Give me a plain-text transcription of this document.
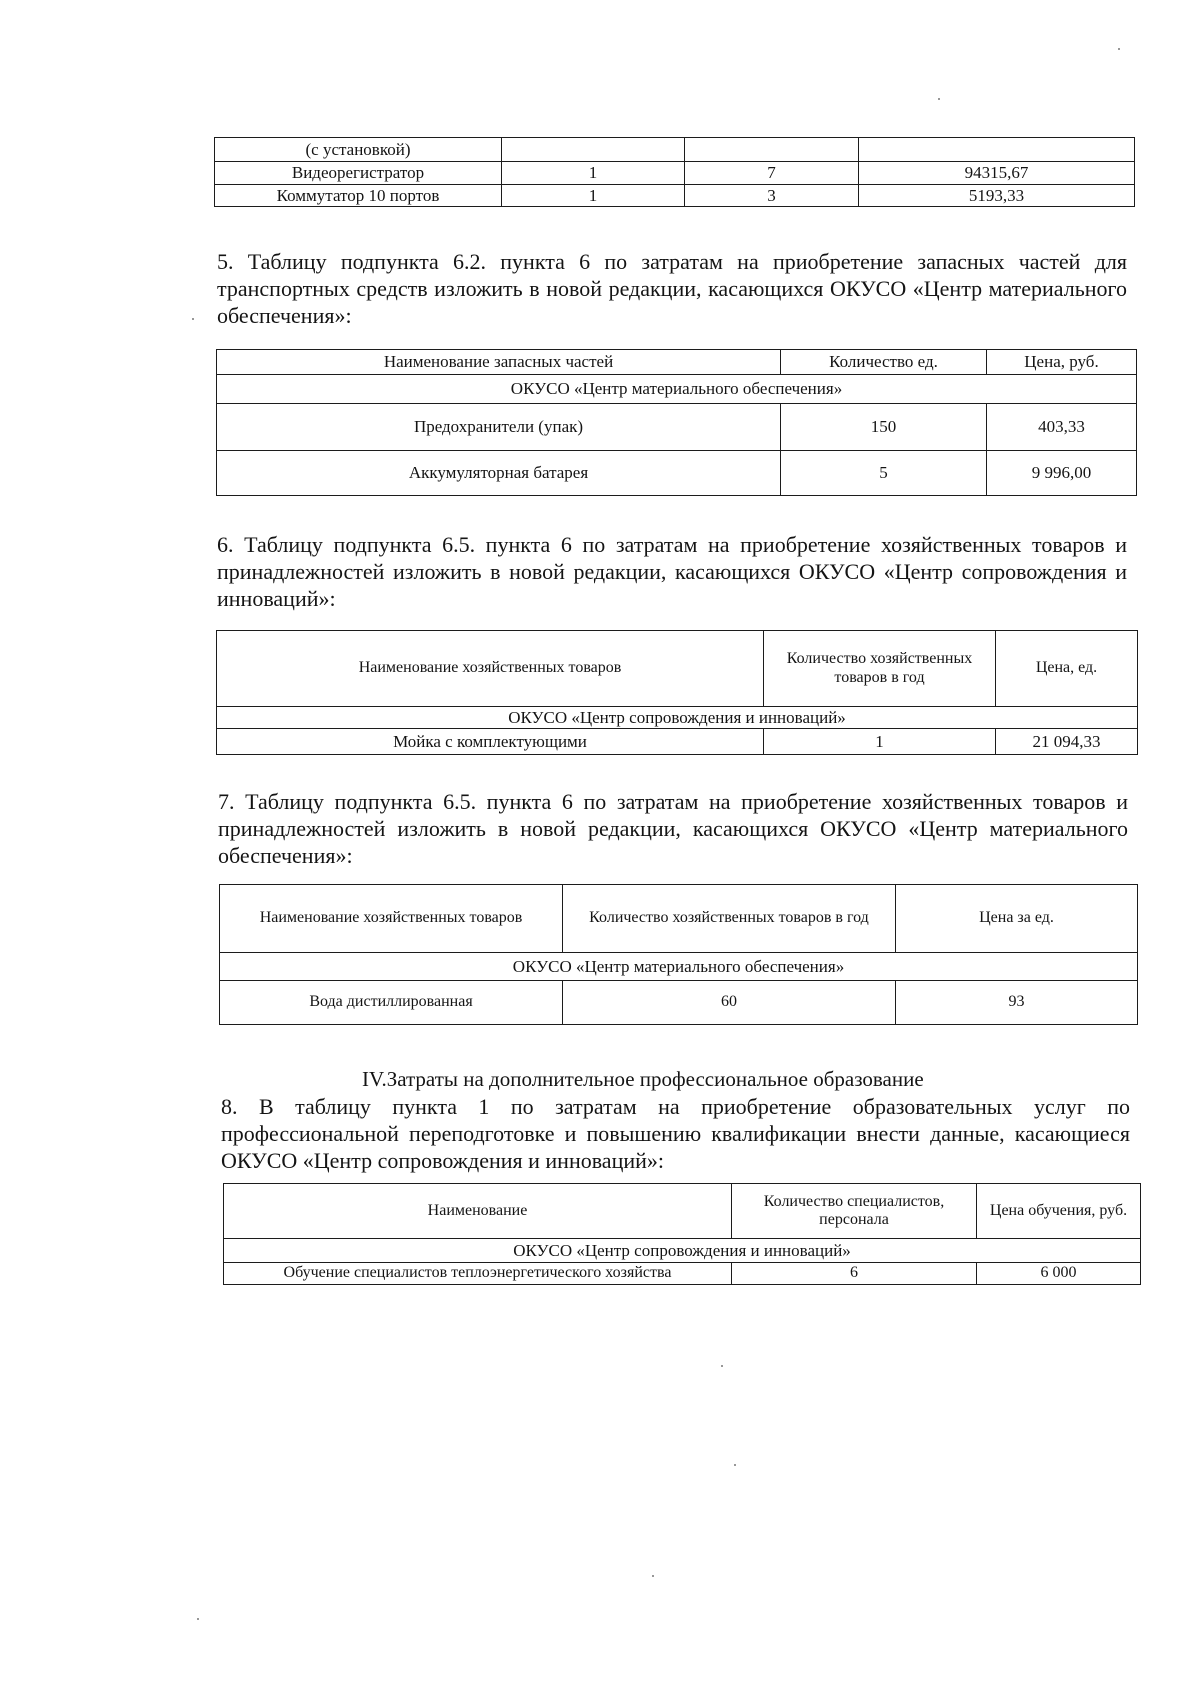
(с установкой)			
Видеорегистратор	1	7	94315,67
Коммутатор 10 портов	1	3	5193,33
5. Таблицу подпункта 6.2. пункта 6 по затратам на приобретение запасных частей для транспортных средств изложить в новой редакции, касающихся ОКУСО «Центр материального обеспечения»:
Наименование запасных частей	Количество ед.	Цена, руб.
ОКУСО «Центр материального обеспечения»		
Предохранители (упак)	150	403,33
Аккумуляторная батарея	5	9 996,00
6. Таблицу подпункта 6.5. пункта 6 по затратам на приобретение хозяйственных товаров и принадлежностей изложить в новой редакции, касающихся ОКУСО «Центр сопровождения и инноваций»:
Наименование хозяйственных товаров	Количество хозяйственных товаров в год	Цена, ед.
ОКУСО «Центр сопровождения и инноваций»		
Мойка с комплектующими	1	21 094,33
7. Таблицу подпункта 6.5. пункта 6 по затратам на приобретение хозяйственных товаров и принадлежностей изложить в новой редакции, касающихся ОКУСО «Центр материального обеспечения»:
Наименование хозяйственных товаров	Количество хозяйственных товаров в год	Цена за ед.
ОКУСО «Центр материального обеспечения»		
Вода дистиллированная	60	93
IV.Затраты на дополнительное профессиональное образование
8. В таблицу пункта 1 по затратам на приобретение образовательных услуг по профессиональной переподготовке и повышению квалификации внести данные, касающиеся ОКУСО «Центр сопровождения и инноваций»:
Наименование	Количество специалистов, персонала	Цена обучения, руб.
ОКУСО «Центр сопровождения и инноваций»		
Обучение специалистов теплоэнергетического хозяйства	6	6 000
